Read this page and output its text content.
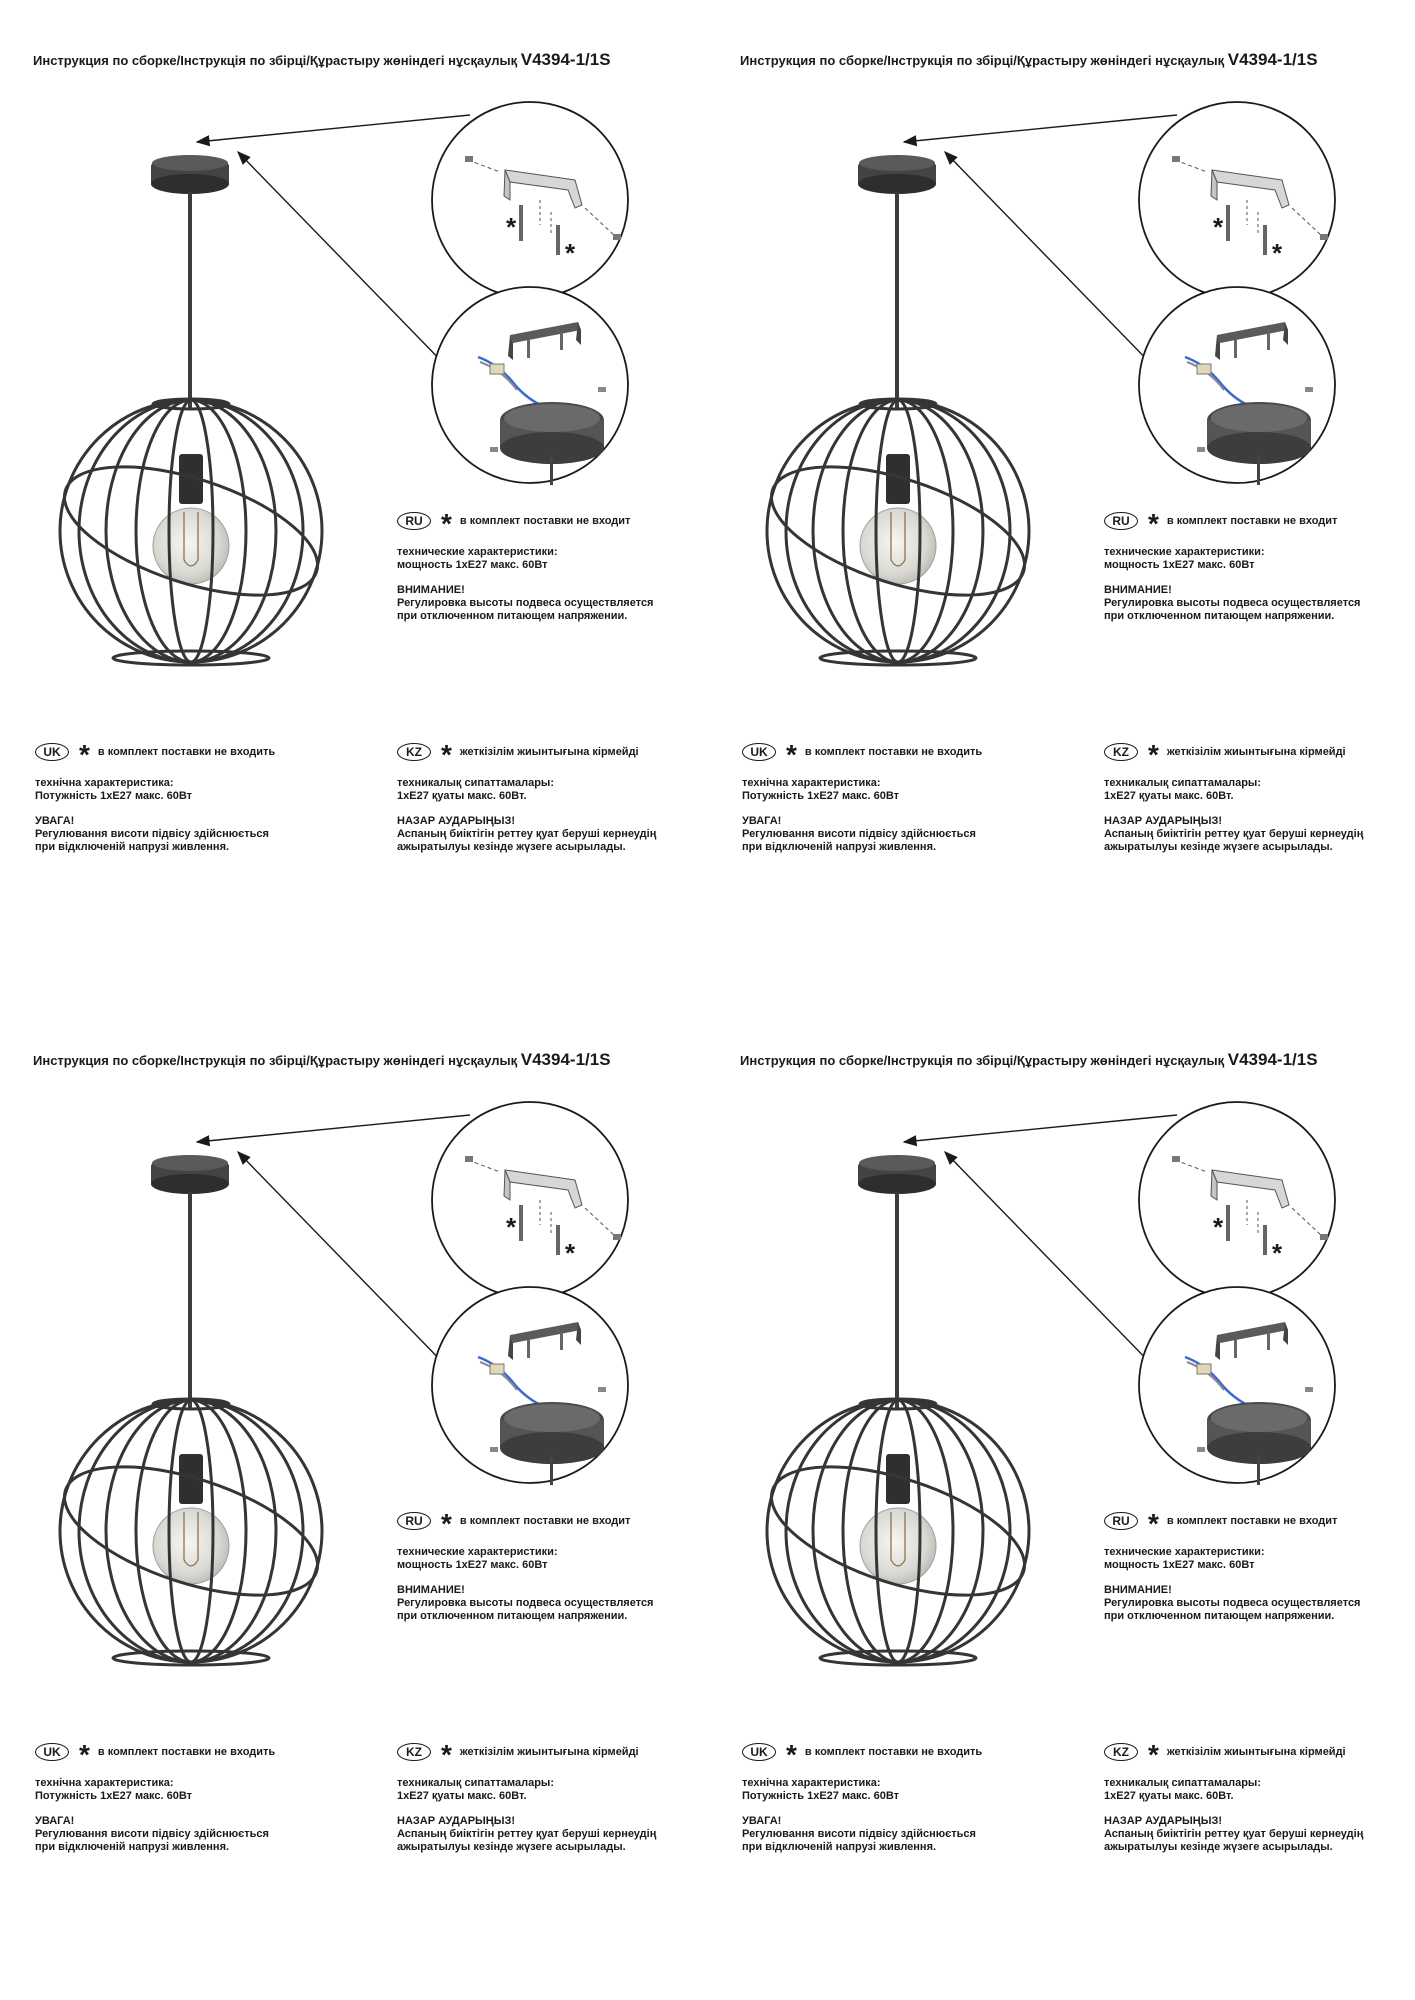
Инструкция по сборке/Інструкція по збірці/Құрастыру жөніндегі нұсқаулық V4394-1/1S
*
*
RU * в комплект поставки не входит
технические характеристики:
мощность 1хЕ27 макс. 60Вт
ВНИМАНИЕ!
Регулировка высоты подвеса осуществляется
при отключенном питающем напряжении.
UK * в комплект поставки не входить
технічна характеристика:
Потужність 1хЕ27 макс. 60Вт
УВАГА!
Регулювання висоти підвісу здійснюється
при відключеній напрузі живлення.
KZ * жеткізілім жиынтығына кірмейді
техникалық сипаттамалары:
1хЕ27 қуаты макс. 60Вт.
НАЗАР АУДАРЫҢЫЗ!
Аспаның биіктігін реттеу қуат беруші кернеудің
ажыратылуы кезінде жүзеге асырылады.
Инструкция по сборке/Інструкція по збірці/Құрастыру жөніндегі нұсқаулық V4394-1/1S
*
*
RU * в комплект поставки не входит
технические характеристики:
мощность 1хЕ27 макс. 60Вт
ВНИМАНИЕ!
Регулировка высоты подвеса осуществляется
при отключенном питающем напряжении.
UK * в комплект поставки не входить
технічна характеристика:
Потужність 1хЕ27 макс. 60Вт
УВАГА!
Регулювання висоти підвісу здійснюється
при відключеній напрузі живлення.
KZ * жеткізілім жиынтығына кірмейді
техникалық сипаттамалары:
1хЕ27 қуаты макс. 60Вт.
НАЗАР АУДАРЫҢЫЗ!
Аспаның биіктігін реттеу қуат беруші кернеудің
ажыратылуы кезінде жүзеге асырылады.
Инструкция по сборке/Інструкція по збірці/Құрастыру жөніндегі нұсқаулық V4394-1/1S
*
*
RU * в комплект поставки не входит
технические характеристики:
мощность 1хЕ27 макс. 60Вт
ВНИМАНИЕ!
Регулировка высоты подвеса осуществляется
при отключенном питающем напряжении.
UK * в комплект поставки не входить
технічна характеристика:
Потужність 1хЕ27 макс. 60Вт
УВАГА!
Регулювання висоти підвісу здійснюється
при відключеній напрузі живлення.
KZ * жеткізілім жиынтығына кірмейді
техникалық сипаттамалары:
1хЕ27 қуаты макс. 60Вт.
НАЗАР АУДАРЫҢЫЗ!
Аспаның биіктігін реттеу қуат беруші кернеудің
ажыратылуы кезінде жүзеге асырылады.
Инструкция по сборке/Інструкція по збірці/Құрастыру жөніндегі нұсқаулық V4394-1/1S
*
*
RU * в комплект поставки не входит
технические характеристики:
мощность 1хЕ27 макс. 60Вт
ВНИМАНИЕ!
Регулировка высоты подвеса осуществляется
при отключенном питающем напряжении.
UK * в комплект поставки не входить
технічна характеристика:
Потужність 1хЕ27 макс. 60Вт
УВАГА!
Регулювання висоти підвісу здійснюється
при відключеній напрузі живлення.
KZ * жеткізілім жиынтығына кірмейді
техникалық сипаттамалары:
1хЕ27 қуаты макс. 60Вт.
НАЗАР АУДАРЫҢЫЗ!
Аспаның биіктігін реттеу қуат беруші кернеудің
ажыратылуы кезінде жүзеге асырылады.
